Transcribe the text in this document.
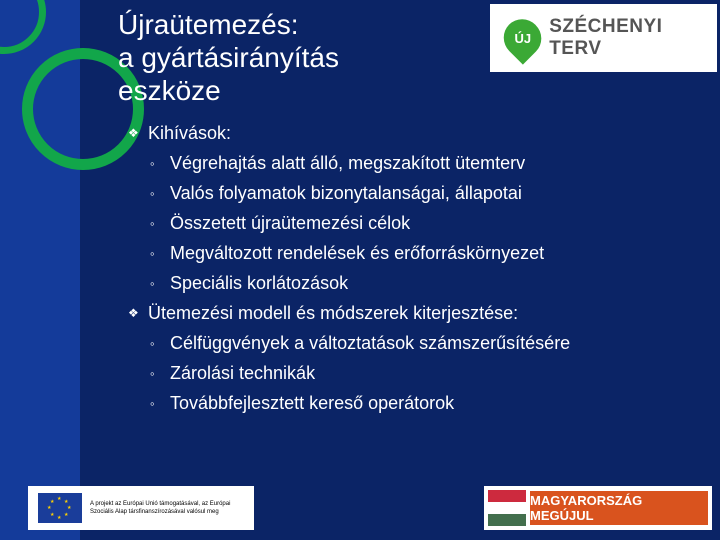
Újraütemezés:
a gyártásirányítás
eszköze
ÚJ
SZÉCHENYI TERV
❖ Kihívások:
◦ Végrehajtás alatt álló, megszakított ütemterv
◦ Valós folyamatok bizonytalanságai, állapotai
◦ Összetett újraütemezési célok
◦ Megváltozott rendelések és erőforráskörnyezet
◦ Speciális korlátozások
❖ Ütemezési modell és módszerek kiterjesztése:
◦ Célfüggvények a változtatások számszerűsítésére
◦ Zárolási technikák
◦ Továbbfejlesztett kereső operátorok
★ ★
★
★
★
★
★
★	A projekt az Európai Unió támogatásával, az Európai Szociális Alap társfinanszírozásával valósul meg
MAGYARORSZÁG MEGÚJUL
